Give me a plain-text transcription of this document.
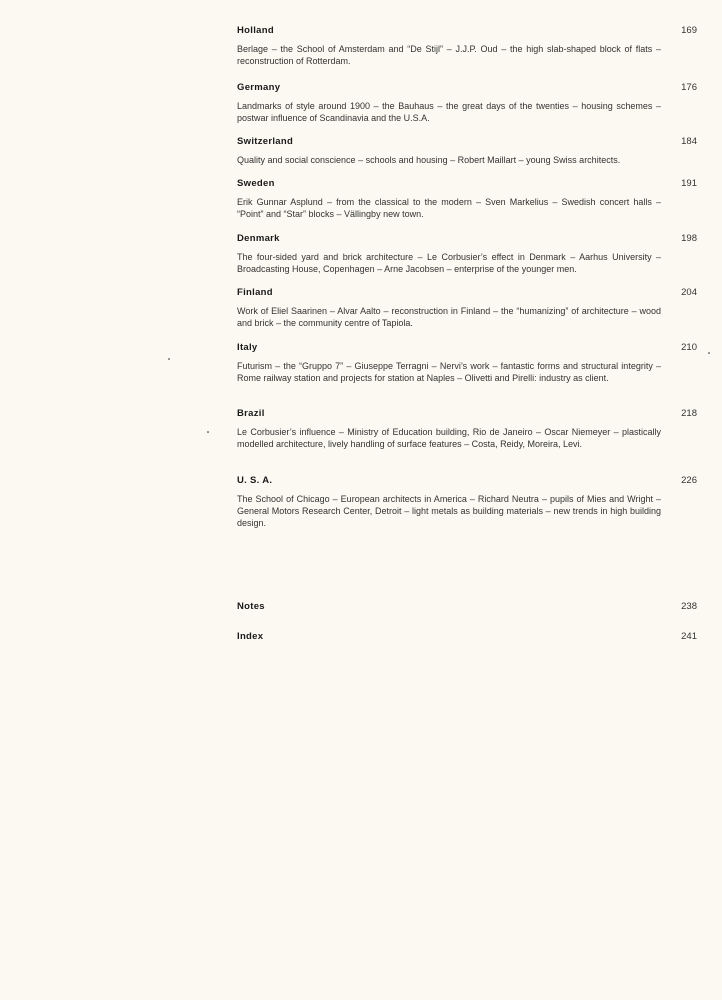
Holland	169
Berlage – the School of Amsterdam and “De Stijl” – J.J.P. Oud – the high slab-shaped block of flats – reconstruction of Rotterdam.
Germany	176
Landmarks of style around 1900 – the Bauhaus – the great days of the twenties – housing schemes – postwar influence of Scandinavia and the U.S.A.
Switzerland	184
Quality and social conscience – schools and housing – Robert Maillart – young Swiss architects.
Sweden	191
Erik Gunnar Asplund – from the classical to the modern – Sven Markelius – Swedish concert halls – “Point” and “Star” blocks – Vällingby new town.
Denmark	198
The four-sided yard and brick architecture – Le Corbusier’s effect in Denmark – Aarhus University – Broadcasting House, Copenhagen – Arne Jacobsen – enterprise of the younger men.
Finland	204
Work of Eliel Saarinen – Alvar Aalto – reconstruction in Finland – the “humanizing” of architecture – wood and brick – the community centre of Tapiola.
Italy	210
Futurism – the “Gruppo 7” – Giuseppe Terragni – Nervi’s work – fantastic forms and structural integrity – Rome railway station and projects for station at Naples – Olivetti and Pirelli: industry as client.
Brazil	218
Le Corbusier’s influence – Ministry of Education building, Rio de Janeiro – Oscar Niemeyer – plastically modelled architecture, lively handling of surface features – Costa, Reidy, Moreira, Levi.
U. S. A.	226
The School of Chicago – European architects in America – Richard Neutra – pupils of Mies and Wright – General Motors Research Center, Detroit – light metals as building materials – new trends in high building design.
Notes	238
Index	241
